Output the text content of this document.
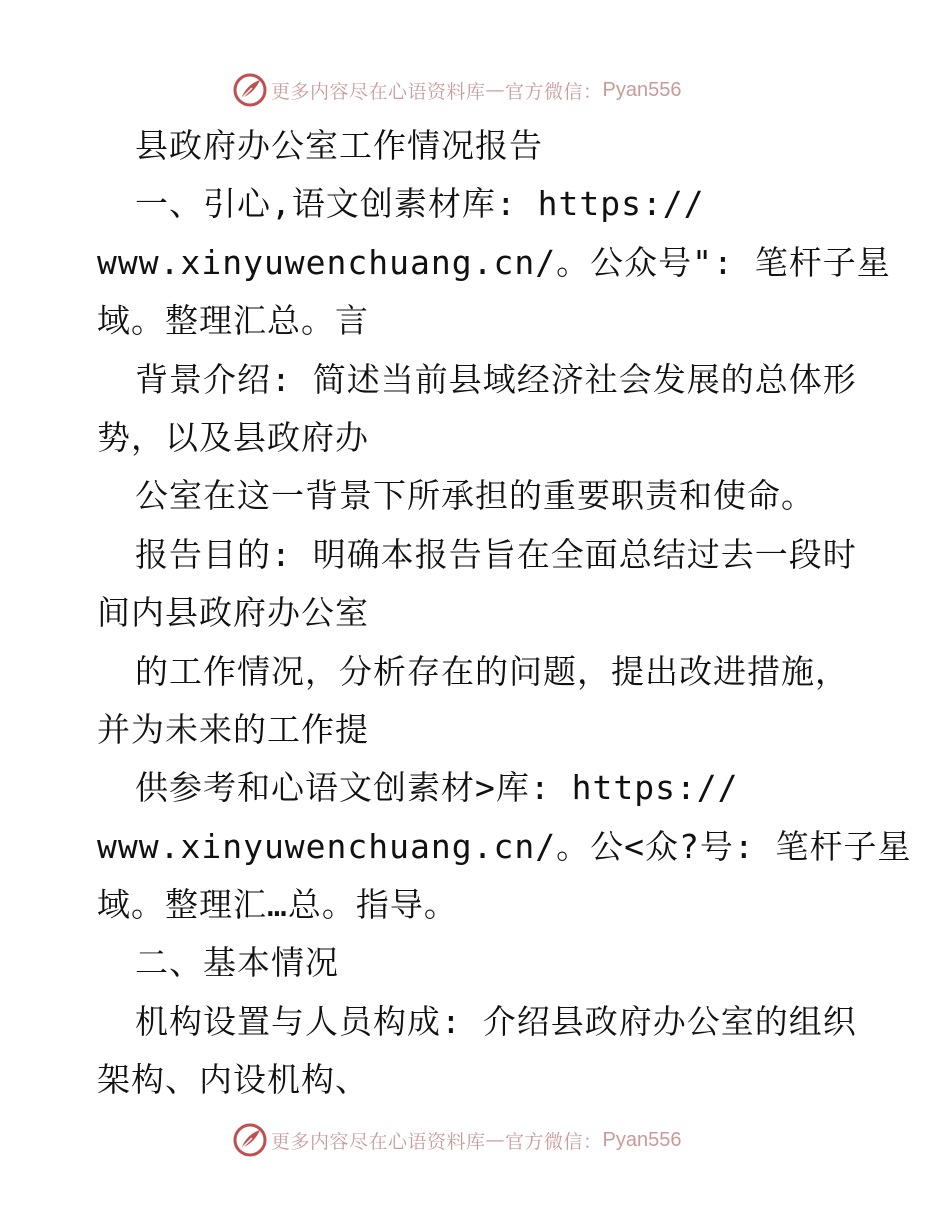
更多内容尽在心语资料库 — 官方微信： Pyan556
县政府办公室工作情况报告
一、引心,语文创素材库: https://
www.xinyuwenchuang.cn/。公众号": 笔杆子星
域。整理汇总。言
背景介绍: 简述当前县域经济社会发展的总体形
势，以及县政府办
公室在这一背景下所承担的重要职责和使命。
报告目的: 明确本报告旨在全面总结过去一段时
间内县政府办公室
的工作情况，分析存在的问题，提出改进措施，
并为未来的工作提
供参考和心语文创素材>库: https://
www.xinyuwenchuang.cn/。公<众?号: 笔杆子星
域。整理汇…总。指导。
二、基本情况
机构设置与人员构成: 介绍县政府办公室的组织
架构、内设机构、
更多内容尽在心语资料库 — 官方微信： Pyan556
